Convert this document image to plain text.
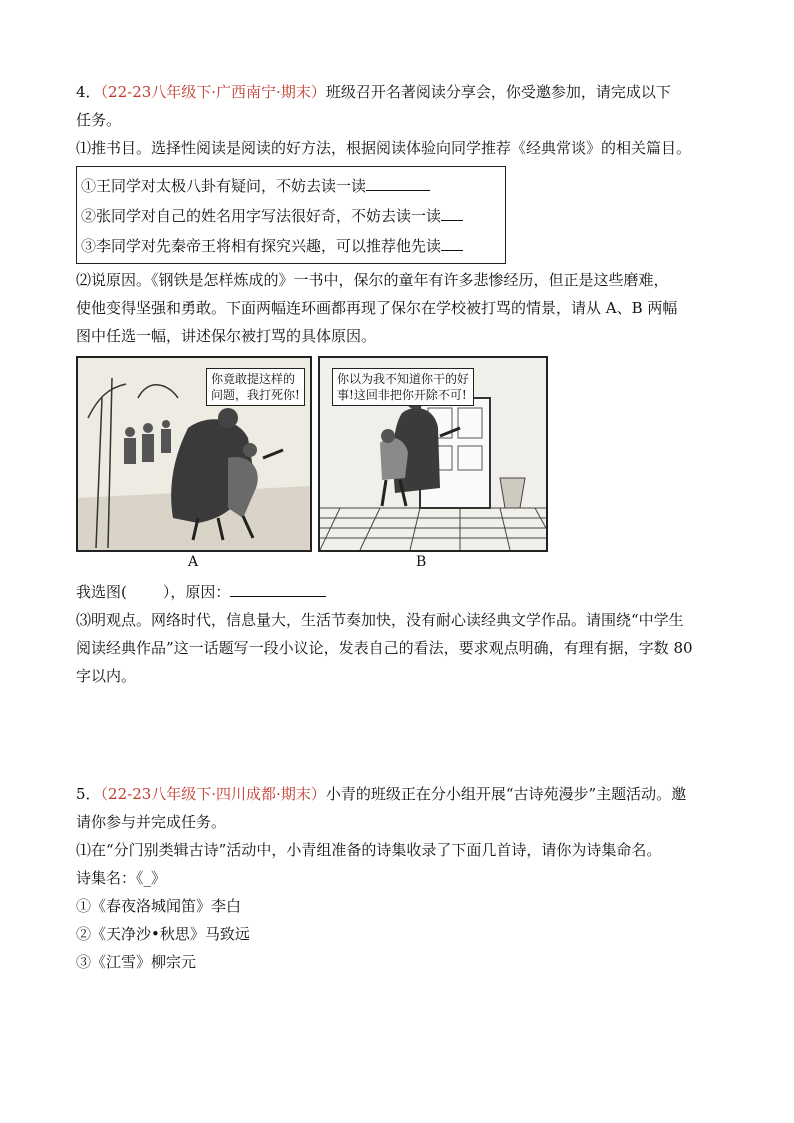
4．（22-23八年级下·广西南宁·期末）班级召开名著阅读分享会，你受邀参加，请完成以下
任务。
⑴推书目。选择性阅读是阅读的好方法，根据阅读体验向同学推荐《经典常谈》的相关篇目。
①王同学对太极八卦有疑问，不妨去读一读
②张同学对自己的姓名用字写法很好奇，不妨去读一读
③李同学对先秦帝王将相有探究兴趣，可以推荐他先读
⑵说原因。《钢铁是怎样炼成的》一书中，保尔的童年有许多悲惨经历，但正是这些磨难，
使他变得坚强和勇敢。下面两幅连环画都再现了保尔在学校被打骂的情景，请从 A、B 两幅
图中任选一幅，讲述保尔被打骂的具体原因。
你竟敢提这样的
问题，我打死你!
A
你以为我不知道你干的好
事!这回非把你开除不可!
B
我选图( ），原因：
⑶明观点。网络时代，信息量大，生活节奏加快，没有耐心读经典文学作品。请围绕“中学生
阅读经典作品”这一话题写一段小议论，发表自己的看法，要求观点明确，有理有据，字数 80
字以内。
5．（22-23八年级下·四川成都·期末）小青的班级正在分小组开展“古诗苑漫步”主题活动。邀
请你参与并完成任务。
⑴在“分门别类辑古诗”活动中，小青组准备的诗集收录了下面几首诗，请你为诗集命名。
诗集名：《_》
①《春夜洛城闻笛》李白
②《天净沙•秋思》马致远
③《江雪》柳宗元
